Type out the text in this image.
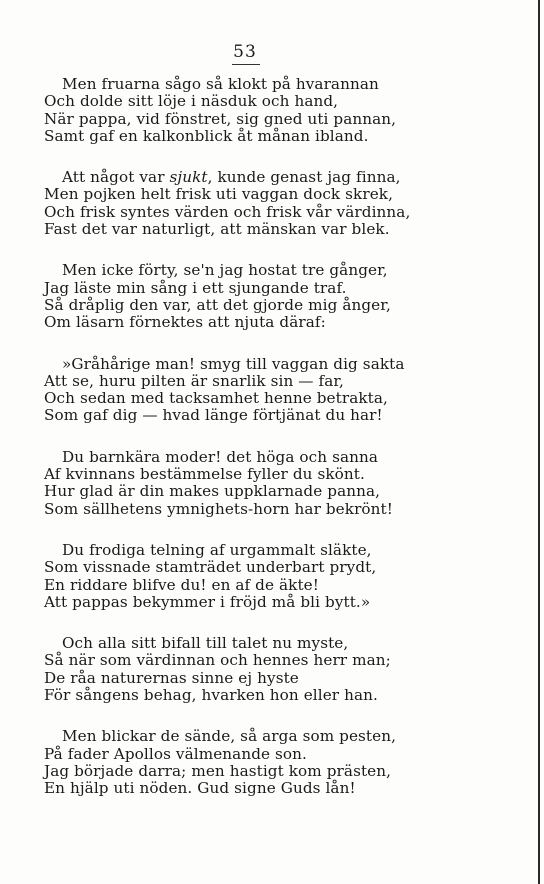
53
Men fruarna sågo så klokt på hvarannan
Och dolde sitt löje i näsduk och hand,
När pappa, vid fönstret, sig gned uti pannan,
Samt gaf en kalkonblick åt månan ibland.
Att något var sjukt, kunde genast jag finna,
Men pojken helt frisk uti vaggan dock skrek,
Och frisk syntes värden och frisk vår värdinna,
Fast det var naturligt, att mänskan var blek.
Men icke förty, se'n jag hostat tre gånger,
Jag läste min sång i ett sjungande traf.
Så dråplig den var, att det gjorde mig ånger,
Om läsarn förnektes att njuta däraf:
»Gråhårige man! smyg till vaggan dig sakta
Att se, huru pilten är snarlik sin — far,
Och sedan med tacksamhet henne betrakta,
Som gaf dig — hvad länge förtjänat du har!
Du barnkära moder! det höga och sanna
Af kvinnans bestämmelse fyller du skönt.
Hur glad är din makes uppklarnade panna,
Som sällhetens ymnighets-horn har bekrönt!
Du frodiga telning af urgammalt släkte,
Som vissnade stamträdet underbart prydt,
En riddare blifve du! en af de äkte!
Att pappas bekymmer i fröjd må bli bytt.»
Och alla sitt bifall till talet nu myste,
Så när som värdinnan och hennes herr man;
De råa naturernas sinne ej hyste
För sångens behag, hvarken hon eller han.
Men blickar de sände, så arga som pesten,
På fader Apollos välmenande son.
Jag började darra; men hastigt kom prästen,
En hjälp uti nöden. Gud signe Guds lån!
